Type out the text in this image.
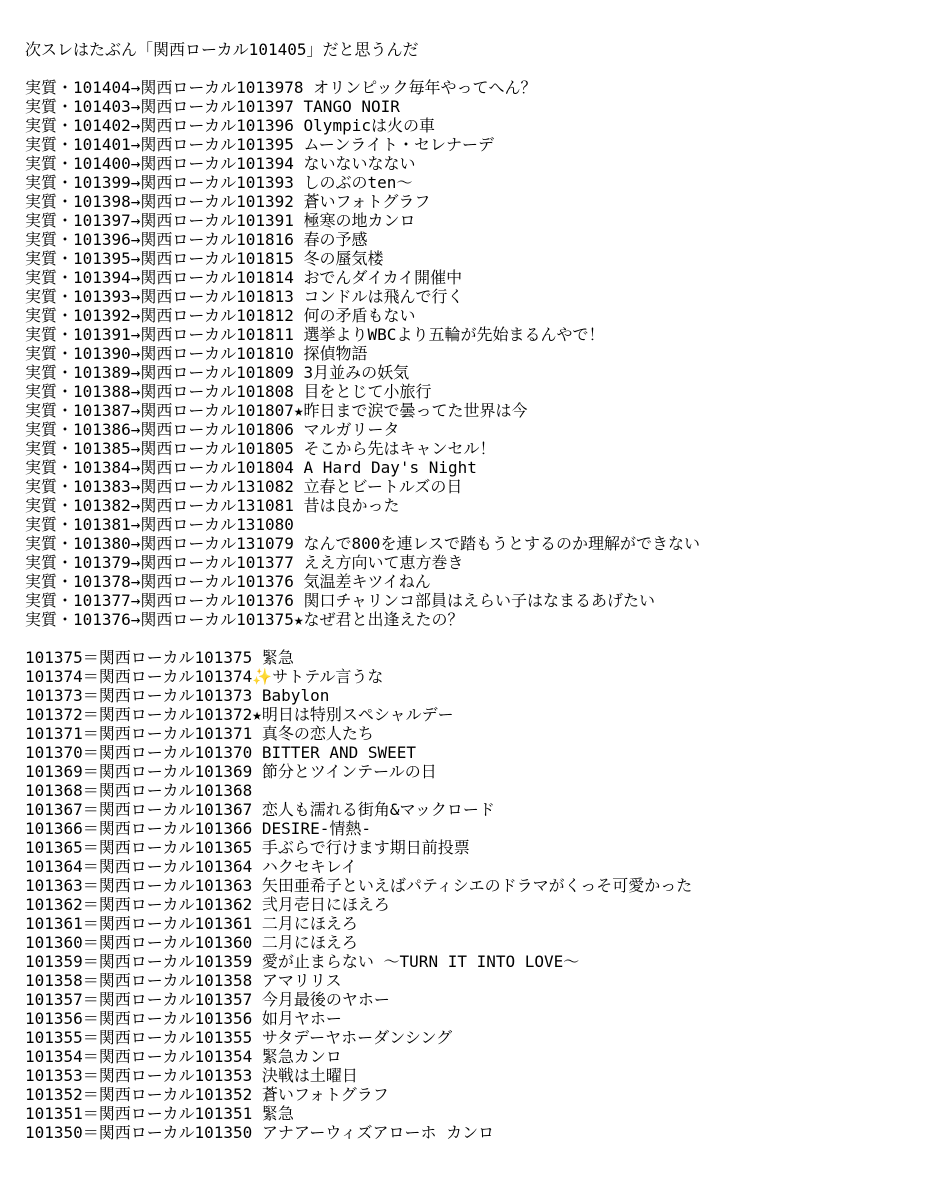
次スレはたぶん「関西ローカル101405」だと思うんだ
実質・101404→関西ローカル1013978 オリンピック毎年やってへん？
実質・101403→関西ローカル101397 TANGO NOIR
実質・101402→関西ローカル101396 Olympicは火の車
実質・101401→関西ローカル101395 ムーンライト・セレナーデ
実質・101400→関西ローカル101394 ないないなない
実質・101399→関西ローカル101393 しのぶのten〜
実質・101398→関西ローカル101392 蒼いフォトグラフ
実質・101397→関西ローカル101391 極寒の地カンロ
実質・101396→関西ローカル101816 春の予感
実質・101395→関西ローカル101815 冬の蜃気楼
実質・101394→関西ローカル101814 おでんダイカイ開催中
実質・101393→関西ローカル101813 コンドルは飛んで行く
実質・101392→関西ローカル101812 何の矛盾もない
実質・101391→関西ローカル101811 選挙よりWBCより五輪が先始まるんやで！
実質・101390→関西ローカル101810 探偵物語
実質・101389→関西ローカル101809 3月並みの妖気
実質・101388→関西ローカル101808 目をとじて小旅行
実質・101387→関西ローカル101807★昨日まで涙で曇ってた世界は今
実質・101386→関西ローカル101806 マルガリータ
実質・101385→関西ローカル101805 そこから先はキャンセル！
実質・101384→関西ローカル101804 A Hard Day's Night
実質・101383→関西ローカル131082 立春とビートルズの日
実質・101382→関西ローカル131081 昔は良かった
実質・101381→関西ローカル131080
実質・101380→関西ローカル131079 なんで800を連レスで踏もうとするのか理解ができない
実質・101379→関西ローカル101377 ええ方向いて恵方巻き
実質・101378→関西ローカル101376 気温差キツイねん
実質・101377→関西ローカル101376 関口チャリンコ部員はえらい子はなまるあげたい
実質・101376→関西ローカル101375★なぜ君と出逢えたの？
101375＝関西ローカル101375 緊急
101374＝関西ローカル101374✨サトテル言うな
101373＝関西ローカル101373 Babylon
101372＝関西ローカル101372★明日は特別スペシャルデー
101371＝関西ローカル101371 真冬の恋人たち
101370＝関西ローカル101370 BITTER AND SWEET
101369＝関西ローカル101369 節分とツインテールの日
101368＝関西ローカル101368
101367＝関西ローカル101367 恋人も濡れる街角&マックロード
101366＝関西ローカル101366 DESIRE-情熱-
101365＝関西ローカル101365 手ぶらで行けます期日前投票
101364＝関西ローカル101364 ハクセキレイ
101363＝関西ローカル101363 矢田亜希子といえばパティシエのドラマがくっそ可愛かった
101362＝関西ローカル101362 弐月壱日にほえろ
101361＝関西ローカル101361 二月にほえろ
101360＝関西ローカル101360 二月にほえろ
101359＝関西ローカル101359 愛が止まらない 〜TURN IT INTO LOVE〜
101358＝関西ローカル101358 アマリリス
101357＝関西ローカル101357 今月最後のヤホー
101356＝関西ローカル101356 如月ヤホー
101355＝関西ローカル101355 サタデーヤホーダンシング
101354＝関西ローカル101354 緊急カンロ
101353＝関西ローカル101353 決戦は土曜日
101352＝関西ローカル101352 蒼いフォトグラフ
101351＝関西ローカル101351 緊急
101350＝関西ローカル101350 アナアーウィズアローホ カンロ
